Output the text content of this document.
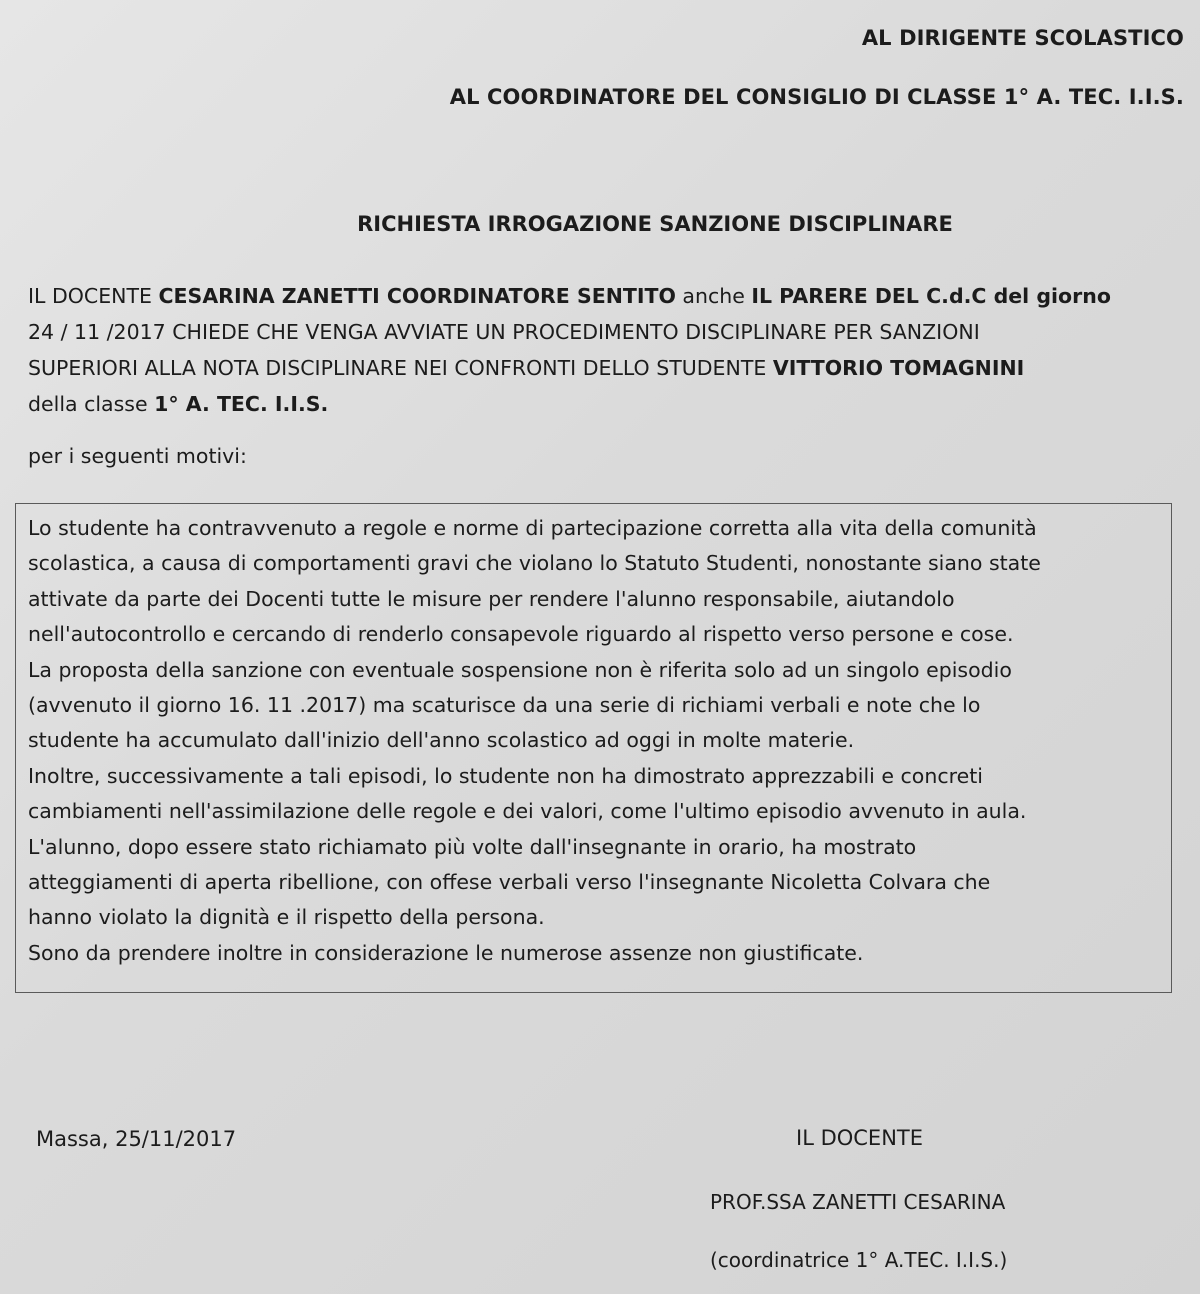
AL DIRIGENTE SCOLASTICO
AL COORDINATORE DEL CONSIGLIO DI CLASSE 1° A. TEC. I.I.S.
RICHIESTA IRROGAZIONE SANZIONE DISCIPLINARE
IL DOCENTE CESARINA ZANETTI COORDINATORE SENTITO anche IL PARERE DEL C.d.C del giorno
24 / 11 /2017 CHIEDE CHE VENGA AVVIATE UN PROCEDIMENTO DISCIPLINARE PER SANZIONI
SUPERIORI ALLA NOTA DISCIPLINARE NEI CONFRONTI DELLO STUDENTE VITTORIO TOMAGNINI
della classe 1° A. TEC. I.I.S.
per i seguenti motivi:
Lo studente ha contravvenuto a regole e norme di partecipazione corretta alla vita della comunità
scolastica, a causa di comportamenti gravi che violano lo Statuto Studenti, nonostante siano state
attivate da parte dei Docenti tutte le misure per rendere l'alunno responsabile, aiutandolo
nell'autocontrollo e cercando di renderlo consapevole riguardo al rispetto verso persone e cose.
La proposta della sanzione con eventuale sospensione non è riferita solo ad un singolo episodio
(avvenuto il giorno 16. 11 .2017) ma scaturisce da una serie di richiami verbali e note che lo
studente ha accumulato dall'inizio dell'anno scolastico ad oggi in molte materie.
Inoltre, successivamente a tali episodi, lo studente non ha dimostrato apprezzabili e concreti
cambiamenti nell'assimilazione delle regole e dei valori, come l'ultimo episodio avvenuto in aula.
L'alunno, dopo essere stato richiamato più volte dall'insegnante in orario, ha mostrato
atteggiamenti di aperta ribellione, con offese verbali verso l'insegnante Nicoletta Colvara che
hanno violato la dignità e il rispetto della persona.
Sono da prendere inoltre in considerazione le numerose assenze non giustificate.
Massa, 25/11/2017	IL DOCENTE
PROF.SSA ZANETTI CESARINA
(coordinatrice 1° A.TEC. I.I.S.)
